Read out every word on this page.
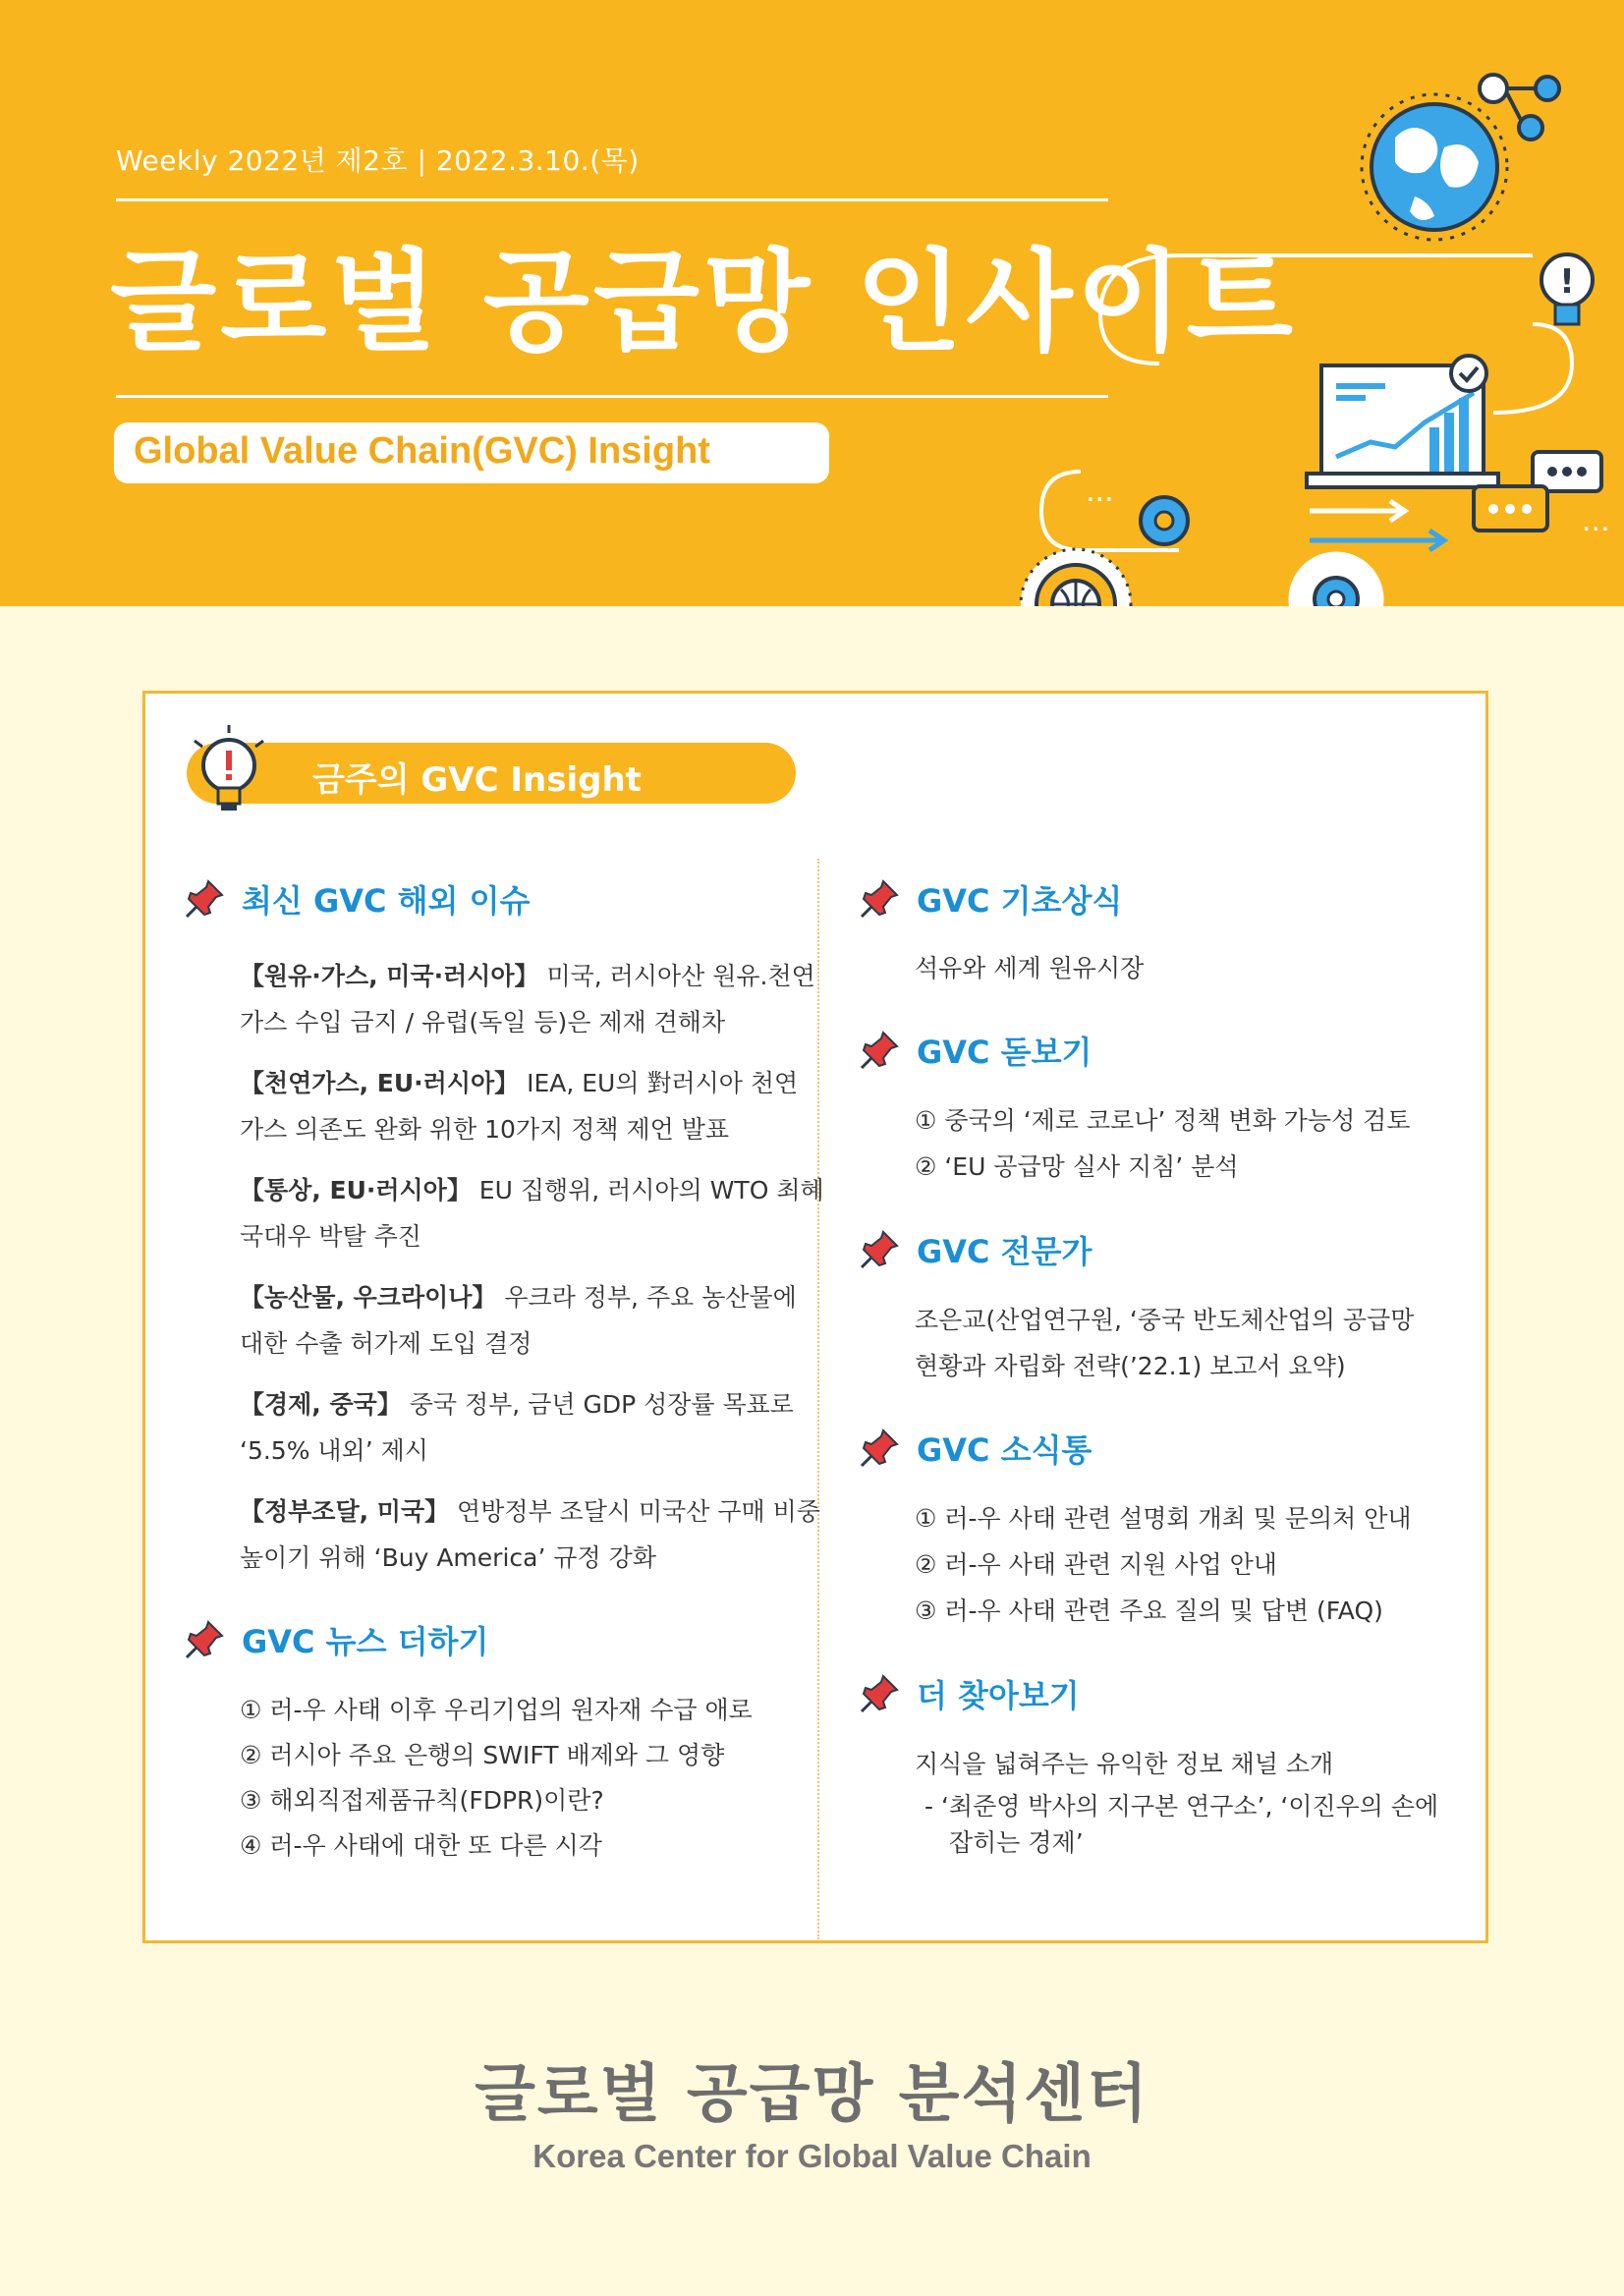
Weekly 2022년 제2호 | 2022.3.10.(목)
글로벌 공급망 인사이트
Global Value Chain(GVC) Insight
!
...
...
금주의 GVC Insight
최신 GVC 해외 이슈
【원유·가스, 미국·러시아】 미국, 러시아산 원유.천연 가스 수입 금지 / 유럽(독일 등)은 제재 견해차
【천연가스, EU·러시아】 IEA, EU의 對러시아 천연 가스 의존도 완화 위한 10가지 정책 제언 발표
【통상, EU·러시아】 EU 집행위, 러시아의 WTO 최혜국대우 박탈 추진
【농산물, 우크라이나】 우크라 정부, 주요 농산물에 대한 수출 허가제 도입 결정
【경제, 중국】 중국 정부, 금년 GDP 성장률 목표로 ‘5.5% 내외’ 제시
【정부조달, 미국】 연방정부 조달시 미국산 구매 비중 높이기 위해 ‘Buy America’ 규정 강화
GVC 뉴스 더하기
① 러-우 사태 이후 우리기업의 원자재 수급 애로
② 러시아 주요 은행의 SWIFT 배제와 그 영향
③ 해외직접제품규칙(FDPR)이란?
④ 러-우 사태에 대한 또 다른 시각
GVC 기초상식
석유와 세계 원유시장
GVC 돋보기
① 중국의 ‘제로 코로나’ 정책 변화 가능성 검토
② ‘EU 공급망 실사 지침’ 분석
GVC 전문가
조은교(산업연구원, ‘중국 반도체산업의 공급망
현황과 자립화 전략(’22.1) 보고서 요약)
GVC 소식통
① 러-우 사태 관련 설명회 개최 및 문의처 안내
② 러-우 사태 관련 지원 사업 안내
③ 러-우 사태 관련 주요 질의 및 답변 (FAQ)
더 찾아보기
지식을 넓혀주는 유익한 정보 채널 소개
- ‘최준영 박사의 지구본 연구소’, ‘이진우의 손에
잡히는 경제’
글로벌 공급망 분석센터
Korea Center for Global Value Chain
